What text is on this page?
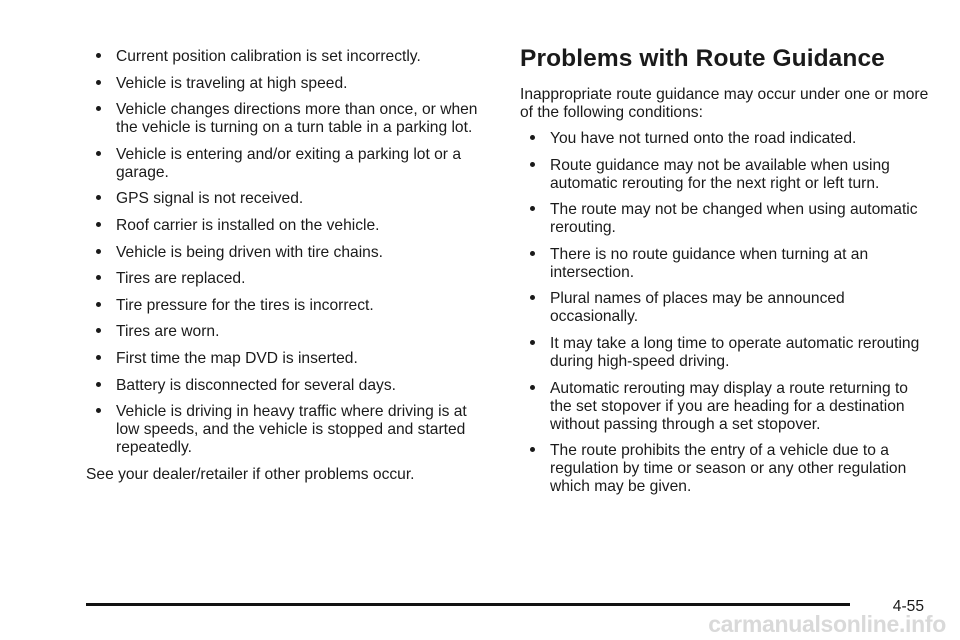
Current position calibration is set incorrectly.
Vehicle is traveling at high speed.
Vehicle changes directions more than once, or when the vehicle is turning on a turn table in a parking lot.
Vehicle is entering and/or exiting a parking lot or a garage.
GPS signal is not received.
Roof carrier is installed on the vehicle.
Vehicle is being driven with tire chains.
Tires are replaced.
Tire pressure for the tires is incorrect.
Tires are worn.
First time the map DVD is inserted.
Battery is disconnected for several days.
Vehicle is driving in heavy traffic where driving is at low speeds, and the vehicle is stopped and started repeatedly.

See your dealer/retailer if other problems occur.

Problems with Route Guidance

Inappropriate route guidance may occur under one or more of the following conditions:

You have not turned onto the road indicated.
Route guidance may not be available when using automatic rerouting for the next right or left turn.
The route may not be changed when using automatic rerouting.
There is no route guidance when turning at an intersection.
Plural names of places may be announced occasionally.
It may take a long time to operate automatic rerouting during high-speed driving.
Automatic rerouting may display a route returning to the set stopover if you are heading for a destination without passing through a set stopover.
The route prohibits the entry of a vehicle due to a regulation by time or season or any other regulation which may be given.
4-55
carmanualsonline.info
